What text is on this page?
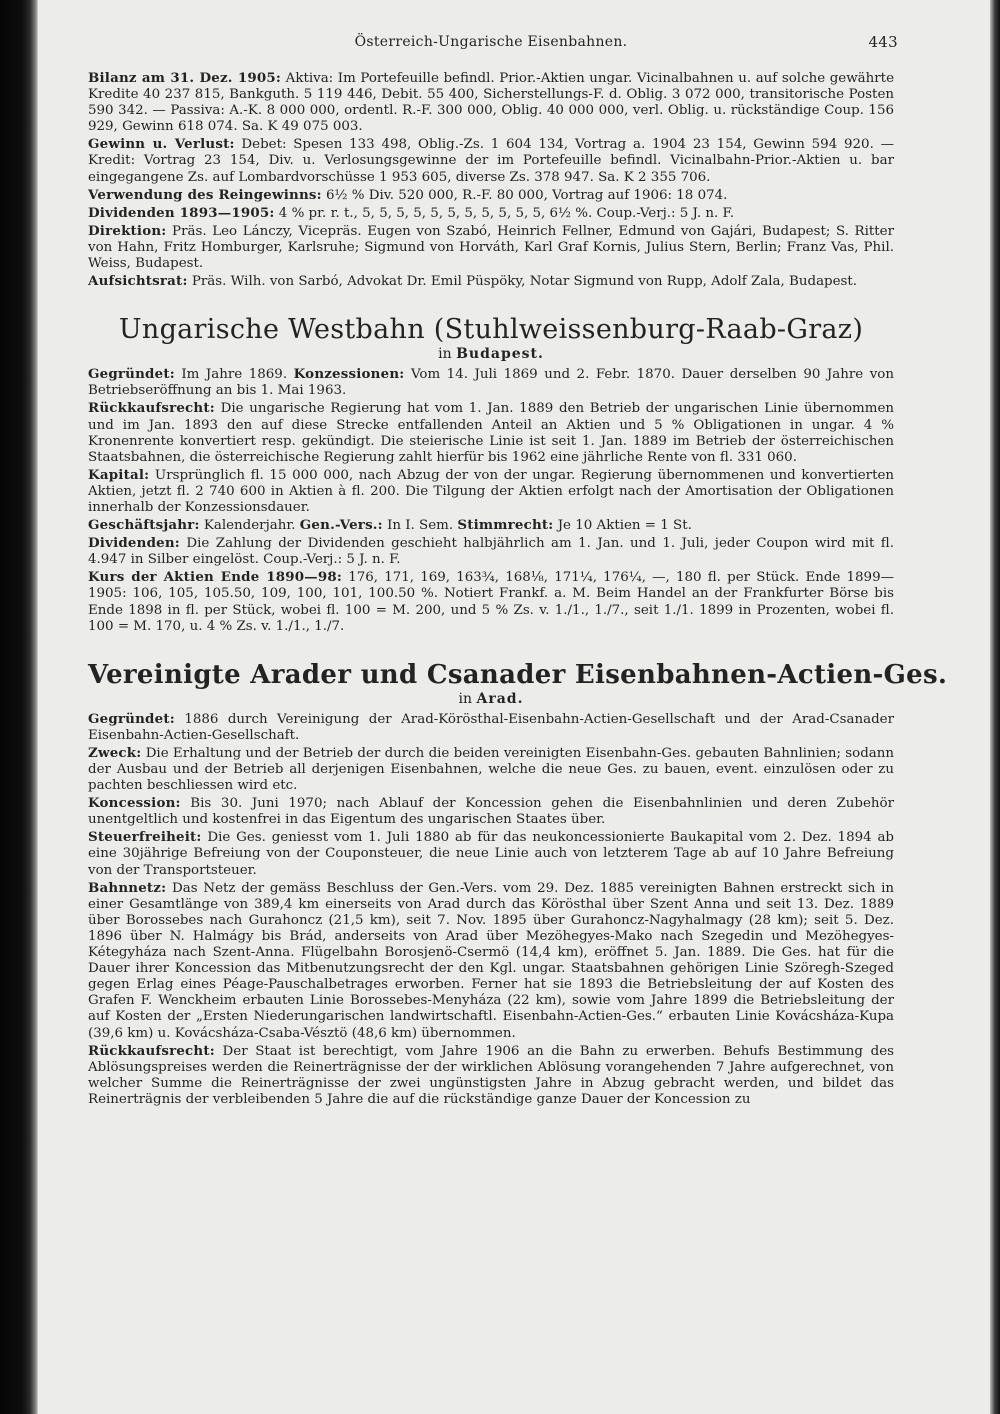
Österreich-Ungarische Eisenbahnen.	443

Bilanz am 31. Dez. 1905: Aktiva: Im Portefeuille befindl. Prior.-Aktien ungar. Vicinalbahnen u. auf solche gewährte Kredite 40 237 815, Bankguth. 5 119 446, Debit. 55 400, Sicherstellungs-F. d. Oblig. 3 072 000, transitorische Posten 590 342. — Passiva: A.-K. 8 000 000, ordentl. R.-F. 300 000, Oblig. 40 000 000, verl. Oblig. u. rückständige Coup. 156 929, Gewinn 618 074. Sa. K 49 075 003.

Gewinn u. Verlust: Debet: Spesen 133 498, Oblig.-Zs. 1 604 134, Vortrag a. 1904 23 154, Gewinn 594 920. — Kredit: Vortrag 23 154, Div. u. Verlosungsgewinne der im Portefeuille befindl. Vicinalbahn-Prior.-Aktien u. bar eingegangene Zs. auf Lombardvorschüsse 1 953 605, diverse Zs. 378 947. Sa. K 2 355 706.

Verwendung des Reingewinns: 6½ % Div. 520 000, R.-F. 80 000, Vortrag auf 1906: 18 074.

Dividenden 1893—1905: 4 % pr. r. t., 5, 5, 5, 5, 5, 5, 5, 5, 5, 5, 5, 6½ %. Coup.-Verj.: 5 J. n. F.

Direktion: Präs. Leo Lánczy, Vicepräs. Eugen von Szabó, Heinrich Fellner, Edmund von Gajári, Budapest; S. Ritter von Hahn, Fritz Homburger, Karlsruhe; Sigmund von Horváth, Karl Graf Kornis, Julius Stern, Berlin; Franz Vas, Phil. Weiss, Budapest.

Aufsichtsrat: Präs. Wilh. von Sarbó, Advokat Dr. Emil Püspöky, Notar Sigmund von Rupp, Adolf Zala, Budapest.

Ungarische Westbahn (Stuhlweissenburg-Raab-Graz)
in Budapest.

Gegründet: Im Jahre 1869. Konzessionen: Vom 14. Juli 1869 und 2. Febr. 1870. Dauer derselben 90 Jahre von Betriebseröffnung an bis 1. Mai 1963.

Rückkaufsrecht: Die ungarische Regierung hat vom 1. Jan. 1889 den Betrieb der ungarischen Linie übernommen und im Jan. 1893 den auf diese Strecke entfallenden Anteil an Aktien und 5 % Obligationen in ungar. 4 % Kronenrente konvertiert resp. gekündigt. Die steierische Linie ist seit 1. Jan. 1889 im Betrieb der österreichischen Staatsbahnen, die österreichische Regierung zahlt hierfür bis 1962 eine jährliche Rente von fl. 331 060.

Kapital: Ursprünglich fl. 15 000 000, nach Abzug der von der ungar. Regierung übernommenen und konvertierten Aktien, jetzt fl. 2 740 600 in Aktien à fl. 200. Die Tilgung der Aktien erfolgt nach der Amortisation der Obligationen innerhalb der Konzessionsdauer.

Geschäftsjahr: Kalenderjahr. Gen.-Vers.: In I. Sem. Stimmrecht: Je 10 Aktien = 1 St.

Dividenden: Die Zahlung der Dividenden geschieht halbjährlich am 1. Jan. und 1. Juli, jeder Coupon wird mit fl. 4.947 in Silber eingelöst. Coup.-Verj.: 5 J. n. F.

Kurs der Aktien Ende 1890—98: 176, 171, 169, 163¾, 168⅛, 171¼, 176¼, —, 180 fl. per Stück. Ende 1899—1905: 106, 105, 105.50, 109, 100, 101, 100.50 %. Notiert Frankf. a. M. Beim Handel an der Frankfurter Börse bis Ende 1898 in fl. per Stück, wobei fl. 100 = M. 200, und 5 % Zs. v. 1./1., 1./7., seit 1./1. 1899 in Prozenten, wobei fl. 100 = M. 170, u. 4 % Zs. v. 1./1., 1./7.

Vereinigte Arader und Csanader Eisenbahnen-Actien-Ges.
in Arad.

Gegründet: 1886 durch Vereinigung der Arad-Körösthal-Eisenbahn-Actien-Gesellschaft und der Arad-Csanader Eisenbahn-Actien-Gesellschaft.

Zweck: Die Erhaltung und der Betrieb der durch die beiden vereinigten Eisenbahn-Ges. gebauten Bahnlinien; sodann der Ausbau und der Betrieb all derjenigen Eisenbahnen, welche die neue Ges. zu bauen, event. einzulösen oder zu pachten beschliessen wird etc.

Koncession: Bis 30. Juni 1970; nach Ablauf der Koncession gehen die Eisenbahnlinien und deren Zubehör unentgeltlich und kostenfrei in das Eigentum des ungarischen Staates über.

Steuerfreiheit: Die Ges. geniesst vom 1. Juli 1880 ab für das neukoncessionierte Baukapital vom 2. Dez. 1894 ab eine 30jährige Befreiung von der Couponsteuer, die neue Linie auch von letzterem Tage ab auf 10 Jahre Befreiung von der Transportsteuer.

Bahnnetz: Das Netz der gemäss Beschluss der Gen.-Vers. vom 29. Dez. 1885 vereinigten Bahnen erstreckt sich in einer Gesamtlänge von 389,4 km einerseits von Arad durch das Körösthal über Szent Anna und seit 13. Dez. 1889 über Borossebes nach Gurahoncz (21,5 km), seit 7. Nov. 1895 über Gurahoncz-Nagyhalmagy (28 km); seit 5. Dez. 1896 über N. Halmágy bis Brád, anderseits von Arad über Mezöhegyes-Mako nach Szegedin und Mezöhegyes-Kétegyháza nach Szent-Anna. Flügelbahn Borosjenö-Csermö (14,4 km), eröffnet 5. Jan. 1889. Die Ges. hat für die Dauer ihrer Koncession das Mitbenutzungsrecht der den Kgl. ungar. Staatsbahnen gehörigen Linie Szöregh-Szeged gegen Erlag eines Péage-Pauschalbetrages erworben. Ferner hat sie 1893 die Betriebsleitung der auf Kosten des Grafen F. Wenckheim erbauten Linie Borossebes-Menyháza (22 km), sowie vom Jahre 1899 die Betriebsleitung der auf Kosten der „Ersten Niederungarischen landwirtschaftl. Eisenbahn-Actien-Ges.“ erbauten Linie Kovácsháza-Kupa (39,6 km) u. Kovácsháza-Csaba-Vésztö (48,6 km) übernommen.

Rückkaufsrecht: Der Staat ist berechtigt, vom Jahre 1906 an die Bahn zu erwerben. Behufs Bestimmung des Ablösungspreises werden die Reinerträgnisse der der wirklichen Ablösung vorangehenden 7 Jahre aufgerechnet, von welcher Summe die Reinerträgnisse der zwei ungünstigsten Jahre in Abzug gebracht werden, und bildet das Reinerträgnis der verbleibenden 5 Jahre die auf die rückständige ganze Dauer der Koncession zu
